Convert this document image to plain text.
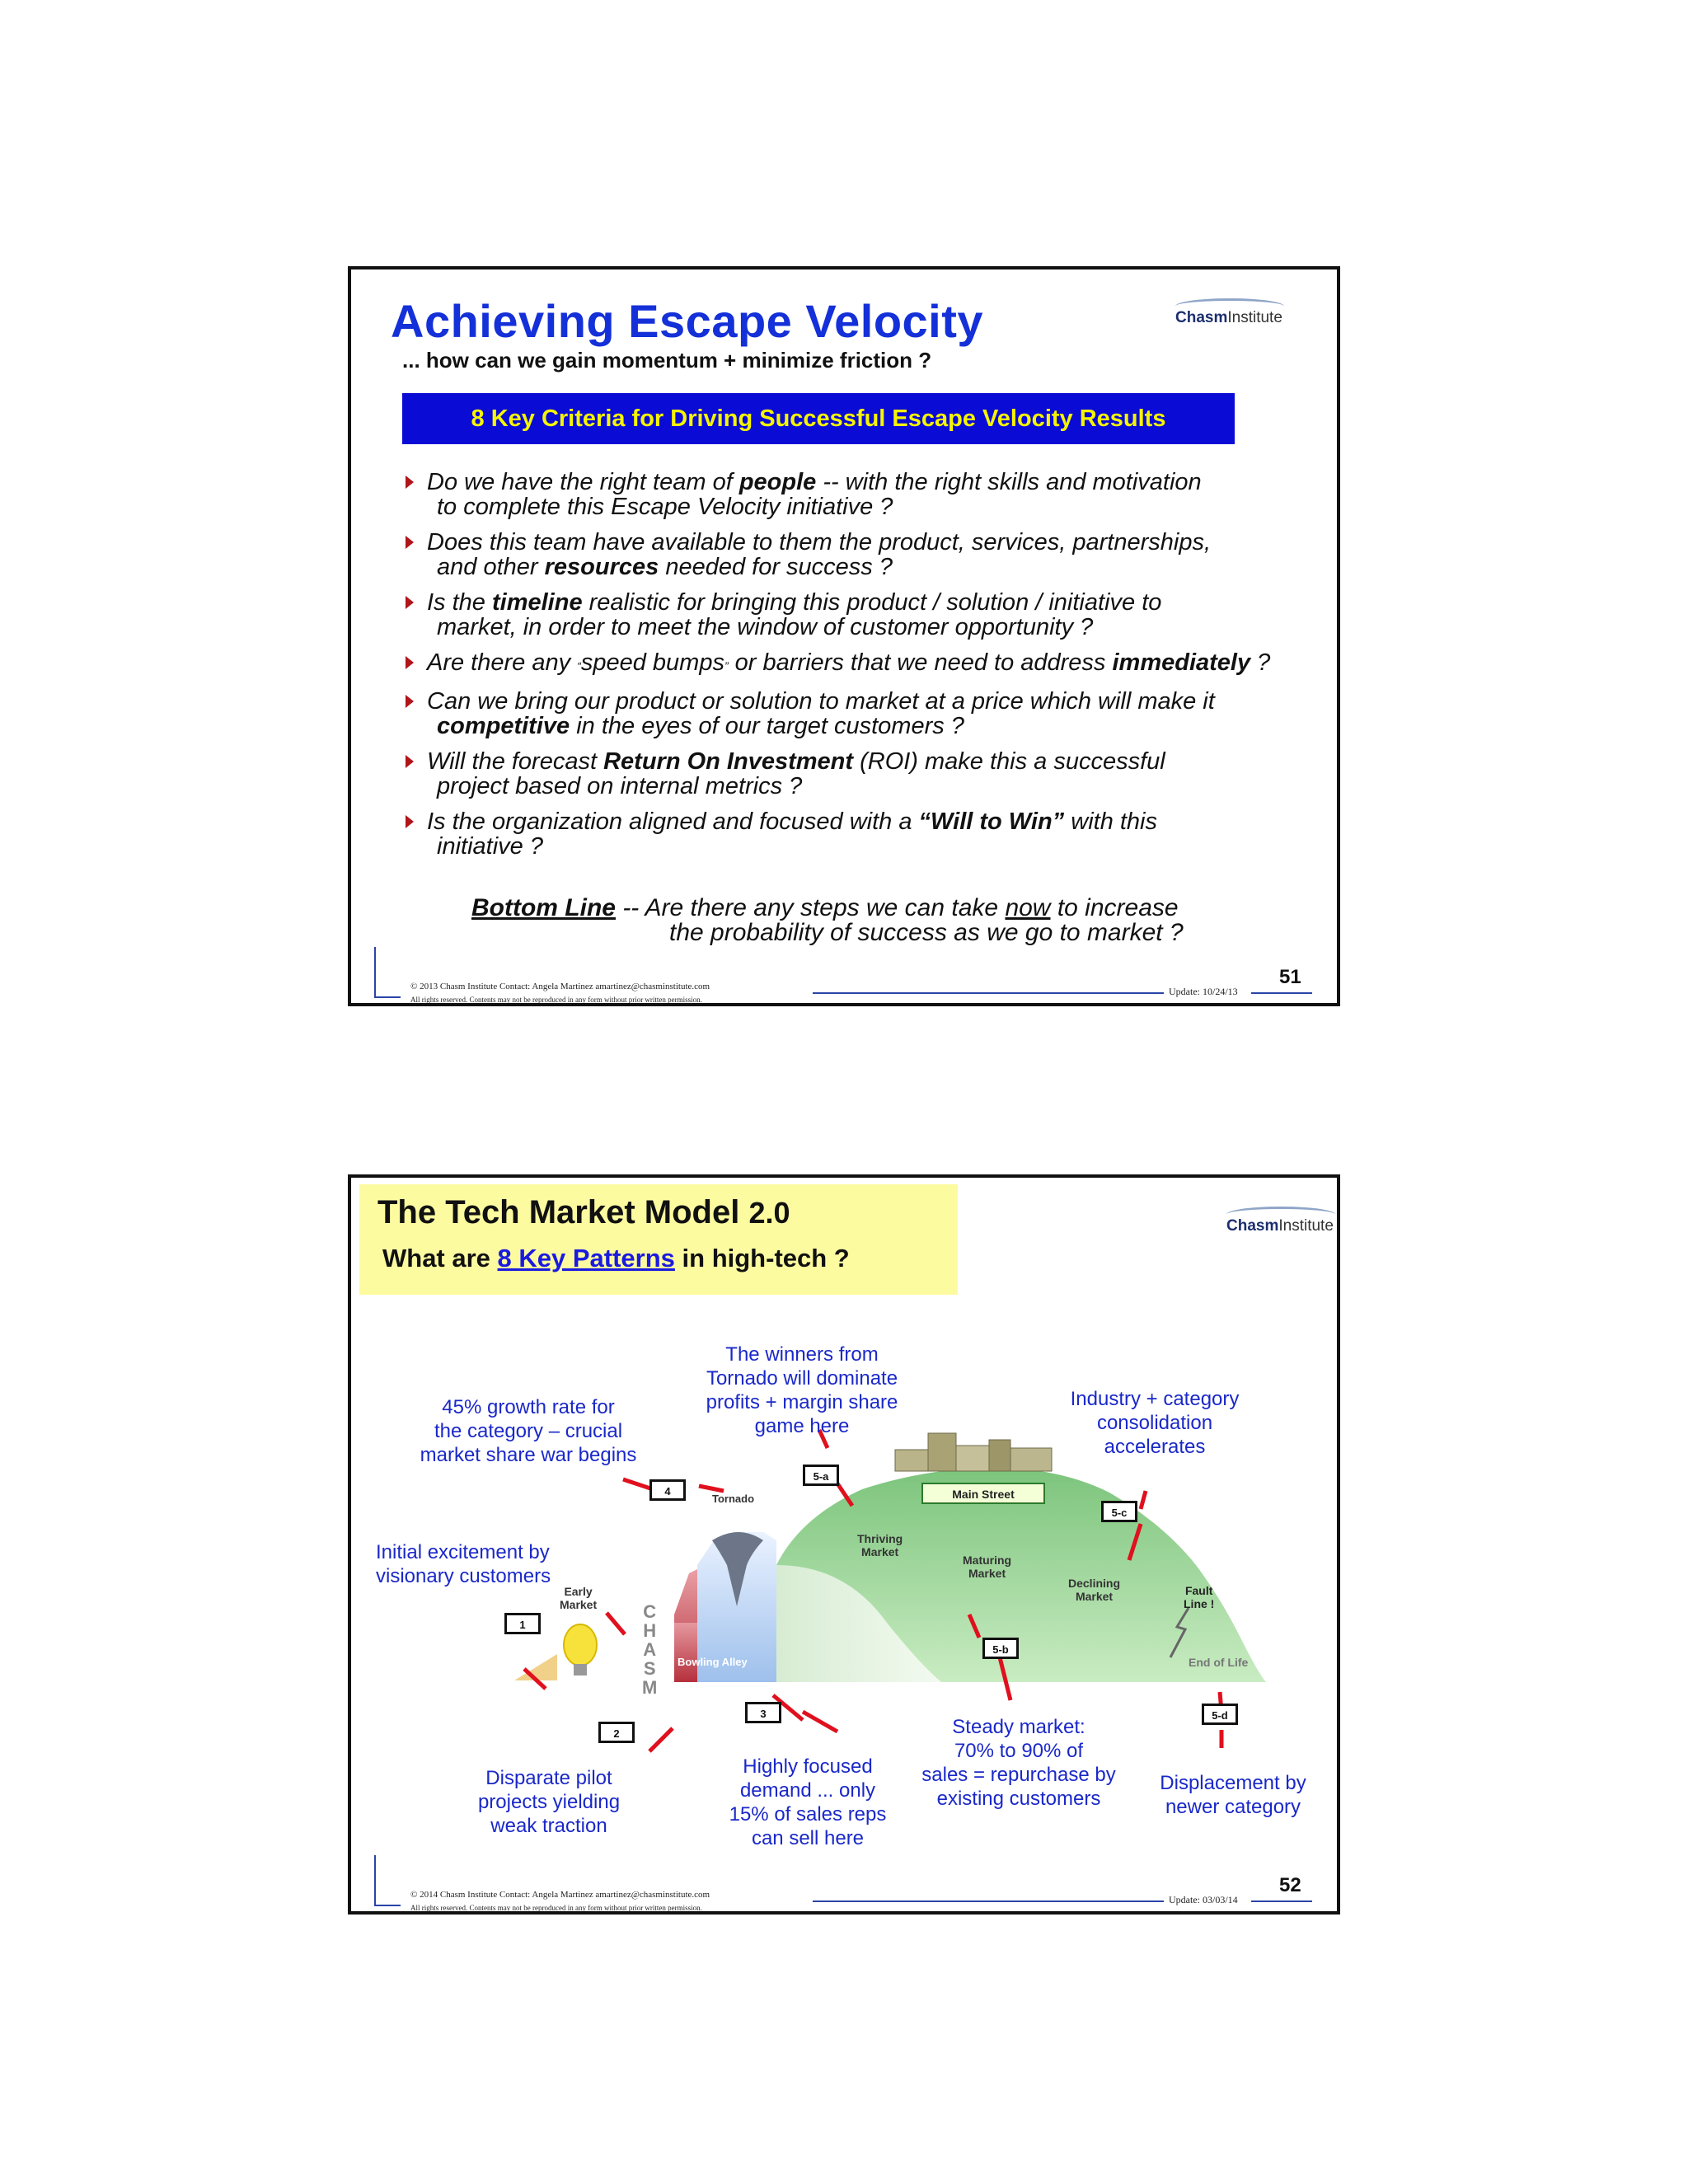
Achieving Escape Velocity
... how can we gain momentum + minimize friction ?
ChasmInstitute
8 Key Criteria for Driving Successful Escape Velocity Results
Do we have the right team of people -- with the right skills and motivation
to complete this Escape Velocity initiative ?
Does this team have available to them the product, services, partnerships,
and other resources needed for success ?
Is the timeline realistic for bringing this product / solution / initiative to
market, in order to meet the window of customer opportunity ?
Are there any “speed bumps” or barriers that we need to address immediately ?
Can we bring our product or solution to market at a price which will make it
competitive in the eyes of our target customers ?
Will the forecast Return On Investment (ROI) make this a successful
project based on internal metrics ?
Is the organization aligned and focused with a “Will to Win” with this
initiative ?
Bottom Line -- Are there any steps we can take now to increase
the probability of success as we go to market ?
© 2013 Chasm Institute Contact: Angela Martinez amartinez@chasminstitute.com
All rights reserved. Contents may not be reproduced in any form without prior written permission.
Update: 10/24/13
51
The Tech Market Model 2.0
What are 8 Key Patterns in high-tech ?
ChasmInstitute
Early
Market	C
H
A
S
M
Bowling Alley
Tornado	Main Street
Thriving
Market
Maturing
Market
Declining
Market	Fault
Line !
End of Life
1
2
3
4
5-a
5-b
5-c
5-d
The winners from
Tornado will dominate
profits + margin share
game here
45% growth rate for
the category – crucial
market share war begins
Industry + category
consolidation
accelerates
Initial excitement by
visionary customers
Disparate pilot
projects yielding
weak traction
Highly focused
demand ... only
15% of sales reps
can sell here
Steady market:
70% to 90% of
sales = repurchase by
existing customers
Displacement by
newer category
© 2014 Chasm Institute Contact: Angela Martinez amartinez@chasminstitute.com
All rights reserved. Contents may not be reproduced in any form without prior written permission.
Update: 03/03/14
52
